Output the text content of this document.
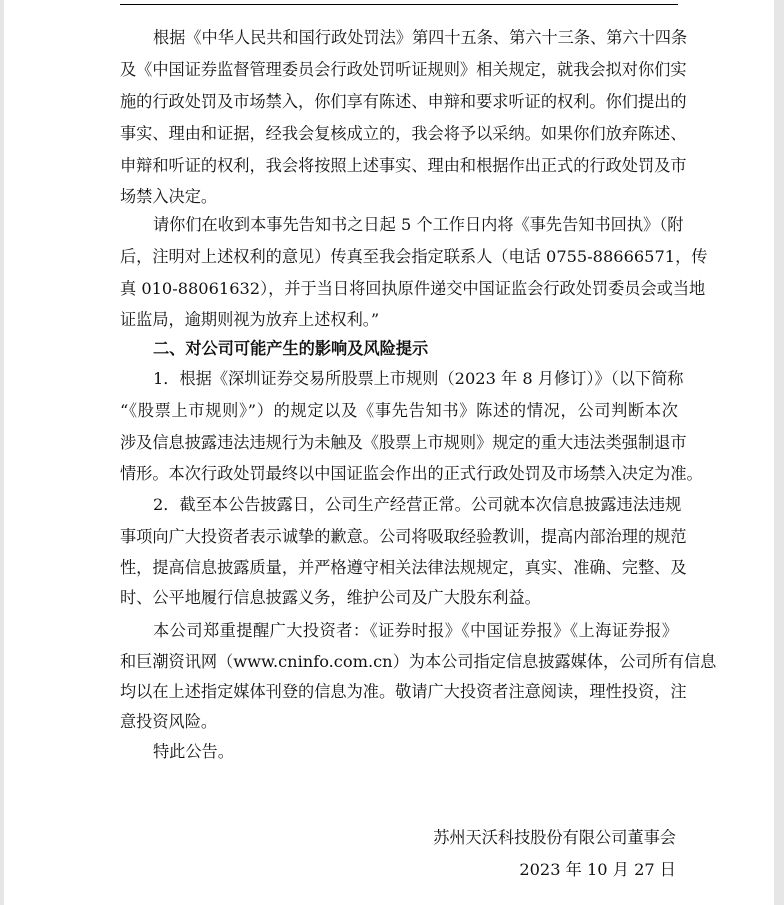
根据《中华人民共和国行政处罚法》第四十五条、第六十三条、第六十四条
及《中国证券监督管理委员会行政处罚听证规则》相关规定，就我会拟对你们实
施的行政处罚及市场禁入，你们享有陈述、申辩和要求听证的权利。你们提出的
事实、理由和证据，经我会复核成立的，我会将予以采纳。如果你们放弃陈述、
申辩和听证的权利，我会将按照上述事实、理由和根据作出正式的行政处罚及市
场禁入决定。
请你们在收到本事先告知书之日起 5 个工作日内将《事先告知书回执》（附
后，注明对上述权利的意见）传真至我会指定联系人（电话 0755-88666571，传
真 010-88061632），并于当日将回执原件递交中国证监会行政处罚委员会或当地
证监局，逾期则视为放弃上述权利。”
二、对公司可能产生的影响及风险提示
1．根据《深圳证券交易所股票上市规则（2023 年 8 月修订）》（以下简称
“《股票上市规则》”）的规定以及《事先告知书》陈述的情况，公司判断本次
涉及信息披露违法违规行为未触及《股票上市规则》规定的重大违法类强制退市
情形。本次行政处罚最终以中国证监会作出的正式行政处罚及市场禁入决定为准。
2．截至本公告披露日，公司生产经营正常。公司就本次信息披露违法违规
事项向广大投资者表示诚挚的歉意。公司将吸取经验教训，提高内部治理的规范
性，提高信息披露质量，并严格遵守相关法律法规规定，真实、准确、完整、及
时、公平地履行信息披露义务，维护公司及广大股东利益。
本公司郑重提醒广大投资者：《证券时报》《中国证券报》《上海证券报》
和巨潮资讯网（www.cninfo.com.cn）为本公司指定信息披露媒体，公司所有信息
均以在上述指定媒体刊登的信息为准。敬请广大投资者注意阅读，理性投资，注
意投资风险。
特此公告。
苏州天沃科技股份有限公司董事会
2023 年 10 月 27 日
